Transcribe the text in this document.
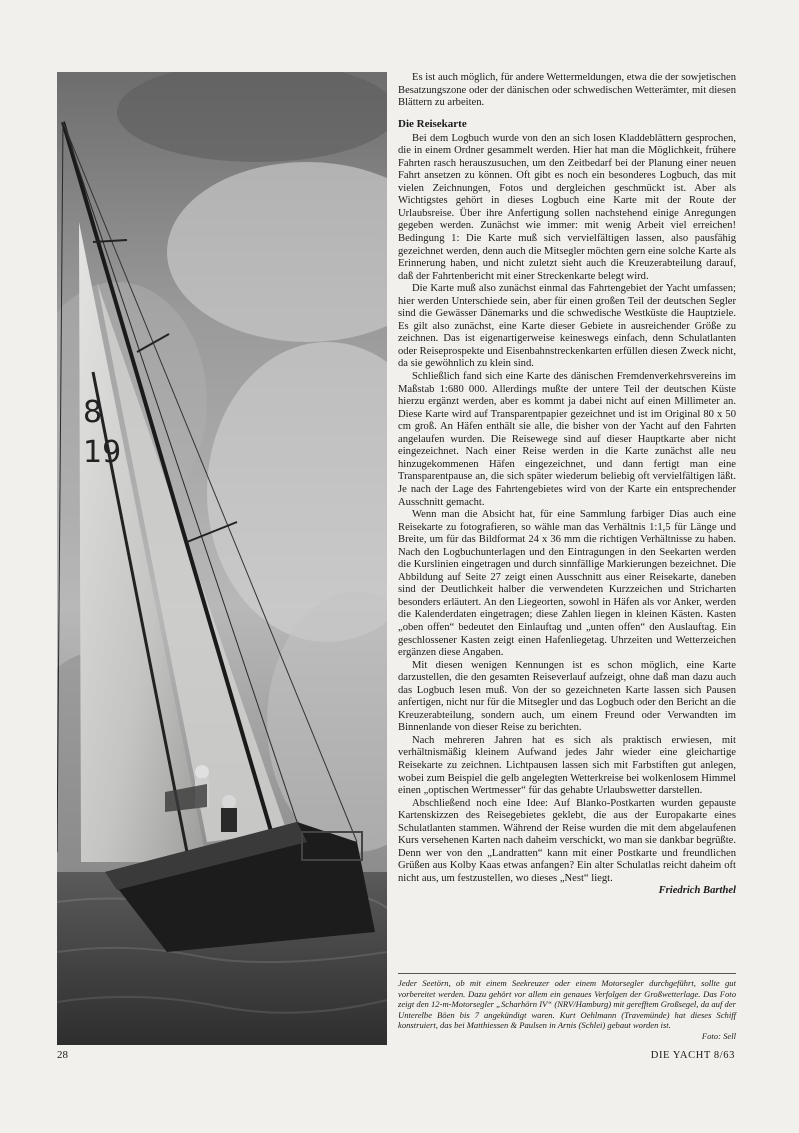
8
19

Es ist auch möglich, für andere Wettermeldungen, etwa die der sowjetischen Besatzungszone oder der dänischen oder schwedischen Wetterämter, mit diesen Blättern zu arbeiten.

Die Reisekarte

Bei dem Logbuch wurde von den an sich losen Kladdeblättern gesprochen, die in einem Ordner gesammelt werden. Hier hat man die Möglichkeit, frühere Fahrten rasch herauszusuchen, um den Zeitbedarf bei der Planung einer neuen Fahrt ansetzen zu können. Oft gibt es noch ein besonderes Logbuch, das mit vielen Zeichnungen, Fotos und dergleichen geschmückt ist. Aber als Wichtigstes gehört in dieses Logbuch eine Karte mit der Route der Urlaubsreise. Über ihre Anfertigung sollen nachstehend einige Anregungen gegeben werden. Zunächst wie immer: mit wenig Arbeit viel erreichen! Bedingung 1: Die Karte muß sich vervielfältigen lassen, also pausfähig gezeichnet werden, denn auch die Mitsegler möchten gern eine solche Karte als Erinnerung haben, und nicht zuletzt sieht auch die Kreuzerabteilung darauf, daß der Fahrtenbericht mit einer Streckenkarte belegt wird.

Die Karte muß also zunächst einmal das Fahrtengebiet der Yacht umfassen; hier werden Unterschiede sein, aber für einen großen Teil der deutschen Segler sind die Gewässer Dänemarks und die schwedische Westküste die Hauptziele. Es gilt also zunächst, eine Karte dieser Gebiete in ausreichender Größe zu zeichnen. Das ist eigenartigerweise keineswegs einfach, denn Schulatlanten oder Reiseprospekte und Eisenbahnstreckenkarten erfüllen diesen Zweck nicht, da sie gewöhnlich zu klein sind.

Schließlich fand sich eine Karte des dänischen Fremdenverkehrsvereins im Maßstab 1:680 000. Allerdings mußte der untere Teil der deutschen Küste hierzu ergänzt werden, aber es kommt ja dabei nicht auf einen Millimeter an. Diese Karte wird auf Transparentpapier gezeichnet und ist im Original 80 x 50 cm groß. An Häfen enthält sie alle, die bisher von der Yacht auf den Fahrten angelaufen wurden. Die Reisewege sind auf dieser Hauptkarte aber nicht eingezeichnet. Nach einer Reise werden in die Karte zunächst alle neu hinzugekommenen Häfen eingezeichnet, und dann fertigt man eine Transparentpause an, die sich später wiederum beliebig oft vervielfältigen läßt. Je nach der Lage des Fahrtengebietes wird von der Karte ein entsprechender Ausschnitt gemacht.

Wenn man die Absicht hat, für eine Sammlung farbiger Dias auch eine Reisekarte zu fotografieren, so wähle man das Verhältnis 1:1,5 für Länge und Breite, um für das Bildformat 24 x 36 mm die richtigen Verhältnisse zu haben. Nach den Logbuchunterlagen und den Eintragungen in den Seekarten werden die Kurslinien eingetragen und durch sinnfällige Markierungen bezeichnet. Die Abbildung auf Seite 27 zeigt einen Ausschnitt aus einer Reisekarte, daneben sind der Deutlichkeit halber die verwendeten Kurzzeichen und Stricharten besonders erläutert. An den Liegeorten, sowohl in Häfen als vor Anker, werden die Kalenderdaten eingetragen; diese Zahlen liegen in kleinen Kästen. Kasten „oben offen“ bedeutet den Einlauftag und „unten offen“ den Auslauftag. Ein geschlossener Kasten zeigt einen Hafenliegetag. Uhrzeiten und Wetterzeichen ergänzen diese Angaben.

Mit diesen wenigen Kennungen ist es schon möglich, eine Karte darzustellen, die den gesamten Reiseverlauf aufzeigt, ohne daß man dazu auch das Logbuch lesen muß. Von der so gezeichneten Karte lassen sich Pausen anfertigen, nicht nur für die Mitsegler und das Logbuch oder den Bericht an die Kreuzerabteilung, sondern auch, um einem Freund oder Verwandten im Binnenlande von dieser Reise zu berichten.

Nach mehreren Jahren hat es sich als praktisch erwiesen, mit verhältnismäßig kleinem Aufwand jedes Jahr wieder eine gleichartige Reisekarte zu zeichnen. Lichtpausen lassen sich mit Farbstiften gut anlegen, wobei zum Beispiel die gelb angelegten Wetterkreise bei wolkenlosem Himmel einen „optischen Wertmesser“ für das gehabte Urlaubswetter darstellen.

Abschließend noch eine Idee: Auf Blanko-Postkarten wurden gepauste Kartenskizzen des Reisegebietes geklebt, die aus der Europakarte eines Schulatlanten stammen. Während der Reise wurden die mit dem abgelaufenen Kurs versehenen Karten nach daheim verschickt, wo man sie dankbar begrüßte. Denn wer von den „Landratten“ kann mit einer Postkarte und freundlichen Grüßen aus Kolby Kaas etwas anfangen? Ein alter Schulatlas reicht daheim oft nicht aus, um festzustellen, wo dieses „Nest“ liegt.

Friedrich Barthel
Jeder Seetörn, ob mit einem Seekreuzer oder einem Motorsegler durchgeführt, sollte gut vorbereitet werden. Dazu gehört vor allem ein genaues Verfolgen der Großwetterlage. Das Foto zeigt den 12-m-Motorsegler „Scharhörn IV“ (NRV/Hamburg) mit gerefftem Großsegel, da auf der Unterelbe Böen bis 7 angekündigt waren. Kurt Oehlmann (Travemünde) hat dieses Schiff konstruiert, das bei Matthiessen & Paulsen in Arnis (Schlei) gebaut worden ist.
Foto: Sell
28	DIE YACHT 8/63
